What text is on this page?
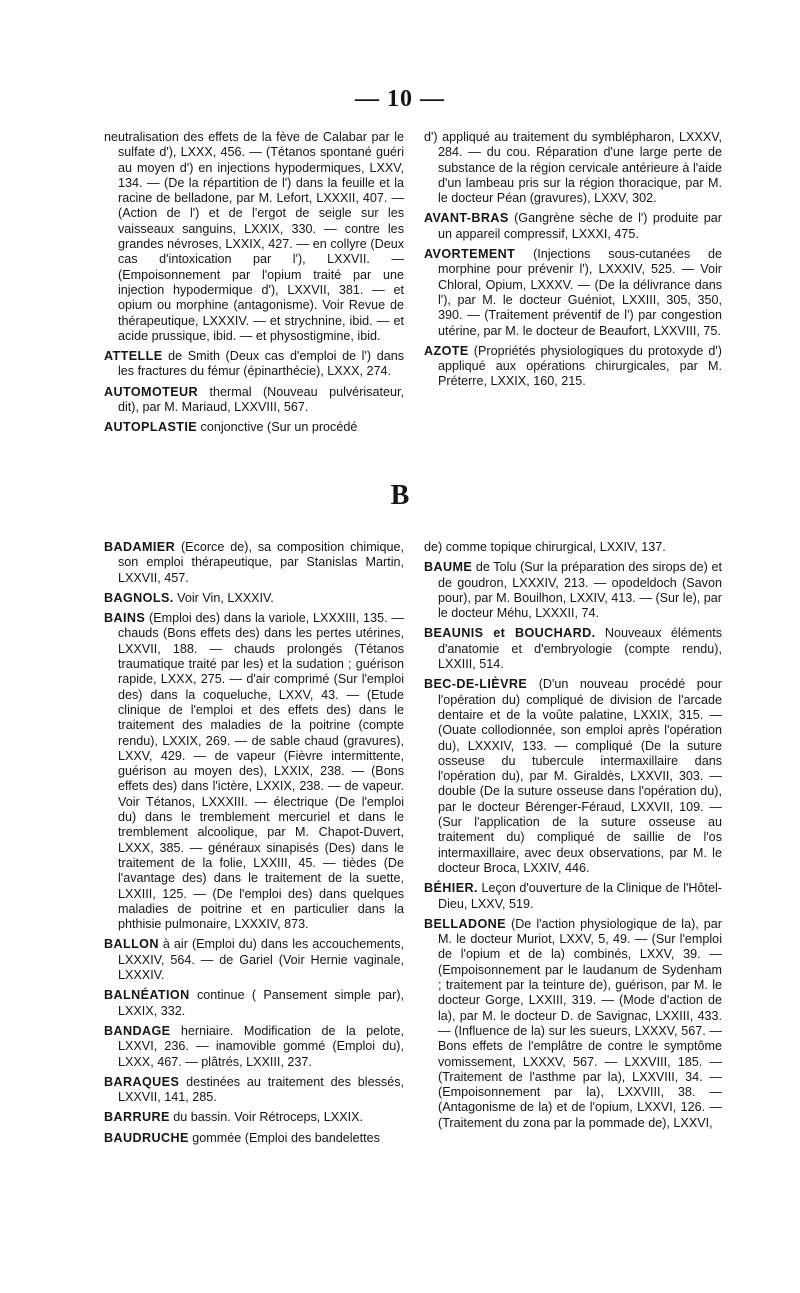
— 10 —

neutralisation des effets de la fève de Calabar par le sulfate d'), LXXX, 456. — (Tétanos spontané guéri au moyen d') en injections hypodermiques, LXXV, 134. — (De la répartition de l') dans la feuille et la racine de belladone, par M. Lefort, LXXXII, 407. — (Action de l') et de l'ergot de seigle sur les vaisseaux sanguins, LXXIX, 330. — contre les grandes névroses, LXXIX, 427. — en collyre (Deux cas d'intoxication par l'), LXXVII. — (Empoisonnement par l'opium traité par une injection hypodermique d'), LXXVII, 381. — et opium ou morphine (antagonisme). Voir Revue de thérapeutique, LXXXIV. — et strychnine, ibid. — et acide prussique, ibid. — et physostigmine, ibid.

ATTELLE de Smith (Deux cas d'emploi de l') dans les fractures du fémur (épinarthécie), LXXX, 274.

AUTOMOTEUR thermal (Nouveau pulvérisateur, dit), par M. Mariaud, LXXVIII, 567.

AUTOPLASTIE conjonctive (Sur un procédé

d') appliqué au traitement du symblépharon, LXXXV, 284. — du cou. Réparation d'une large perte de substance de la région cervicale antérieure à l'aide d'un lambeau pris sur la région thoracique, par M. le docteur Péan (gravures), LXXV, 302.

AVANT-BRAS (Gangrène sèche de l') produite par un appareil compressif, LXXXI, 475.

AVORTEMENT (Injections sous-cutanées de morphine pour prévenir l'), LXXXIV, 525. — Voir Chloral, Opium, LXXXV. — (De la délivrance dans l'), par M. le docteur Guéniot, LXXIII, 305, 350, 390. — (Traitement préventif de l') par congestion utérine, par M. le docteur de Beaufort, LXXVIII, 75.

AZOTE (Propriétés physiologiques du protoxyde d') appliqué aux opérations chirurgicales, par M. Préterre, LXXIX, 160, 215.

B

BADAMIER (Ecorce de), sa composition chimique, son emploi thérapeutique, par Stanislas Martin, LXXVII, 457.

BAGNOLS. Voir Vin, LXXXIV.

BAINS (Emploi des) dans la variole, LXXXIII, 135. — chauds (Bons effets des) dans les pertes utérines, LXXVII, 188. — chauds prolongés (Tétanos traumatique traité par les) et la sudation ; guérison rapide, LXXX, 275. — d'air comprimé (Sur l'emploi des) dans la coqueluche, LXXV, 43. — (Etude clinique de l'emploi et des effets des) dans le traitement des maladies de la poitrine (compte rendu), LXXIX, 269. — de sable chaud (gravures), LXXV, 429. — de vapeur (Fièvre intermittente, guérison au moyen des), LXXIX, 238. — (Bons effets des) dans l'ictère, LXXIX, 238. — de vapeur. Voir Tétanos, LXXXIII. — électrique (De l'emploi du) dans le tremblement mercuriel et dans le tremblement alcoolique, par M. Chapot-Duvert, LXXX, 385. — généraux sinapisés (Des) dans le traitement de la folie, LXXIII, 45. — tièdes (De l'avantage des) dans le traitement de la suette, LXXIII, 125. — (De l'emploi des) dans quelques maladies de poitrine et en particulier dans la phthisie pulmonaire, LXXXIV, 873.

BALLON à air (Emploi du) dans les accouchements, LXXXIV, 564. — de Gariel (Voir Hernie vaginale, LXXXIV.

BALNÉATION continue ( Pansement simple par), LXXIX, 332.

BANDAGE herniaire. Modification de la pelote, LXXVI, 236. — inamovible gommé (Emploi du), LXXX, 467. — plâtrés, LXXIII, 237.

BARAQUES destinées au traitement des blessés, LXXVII, 141, 285.

BARRURE du bassin. Voir Rétroceps, LXXIX.

BAUDRUCHE gommée (Emploi des bandelettes

de) comme topique chirurgical, LXXIV, 137.

BAUME de Tolu (Sur la préparation des sirops de) et de goudron, LXXXIV, 213. — opodeldoch (Savon pour), par M. Bouilhon, LXXIV, 413. — (Sur le), par le docteur Méhu, LXXXII, 74.

BEAUNIS et BOUCHARD. Nouveaux éléments d'anatomie et d'embryologie (compte rendu), LXXIII, 514.

BEC-DE-LIÈVRE (D'un nouveau procédé pour l'opération du) compliqué de division de l'arcade dentaire et de la voûte palatine, LXXIX, 315. — (Ouate collodionnée, son emploi après l'opération du), LXXXIV, 133. — compliqué (De la suture osseuse du tubercule intermaxillaire dans l'opération du), par M. Giraldès, LXXVII, 303. — double (De la suture osseuse dans l'opération du), par le docteur Bérenger-Féraud, LXXVII, 109. — (Sur l'application de la suture osseuse au traitement du) compliqué de saillie de l'os intermaxillaire, avec deux observations, par M. le docteur Broca, LXXIV, 446.

BÉHIER. Leçon d'ouverture de la Clinique de l'Hôtel-Dieu, LXXV, 519.

BELLADONE (De l'action physiologique de la), par M. le docteur Muriot, LXXV, 5, 49. — (Sur l'emploi de l'opium et de la) combinés, LXXV, 39. — (Empoisonnement par le laudanum de Sydenham ; traitement par la teinture de), guérison, par M. le docteur Gorge, LXXIII, 319. — (Mode d'action de la), par M. le docteur D. de Savignac, LXXIII, 433. — (Influence de la) sur les sueurs, LXXXV, 567. — Bons effets de l'emplâtre de contre le symptôme vomissement, LXXXV, 567. — LXXVIII, 185. — (Traitement de l'asthme par la), LXXVIII, 34. — (Empoisonnement par la), LXXVIII, 38. — (Antagonisme de la) et de l'opium, LXXVI, 126. — (Traitement du zona par la pommade de), LXXVI,
